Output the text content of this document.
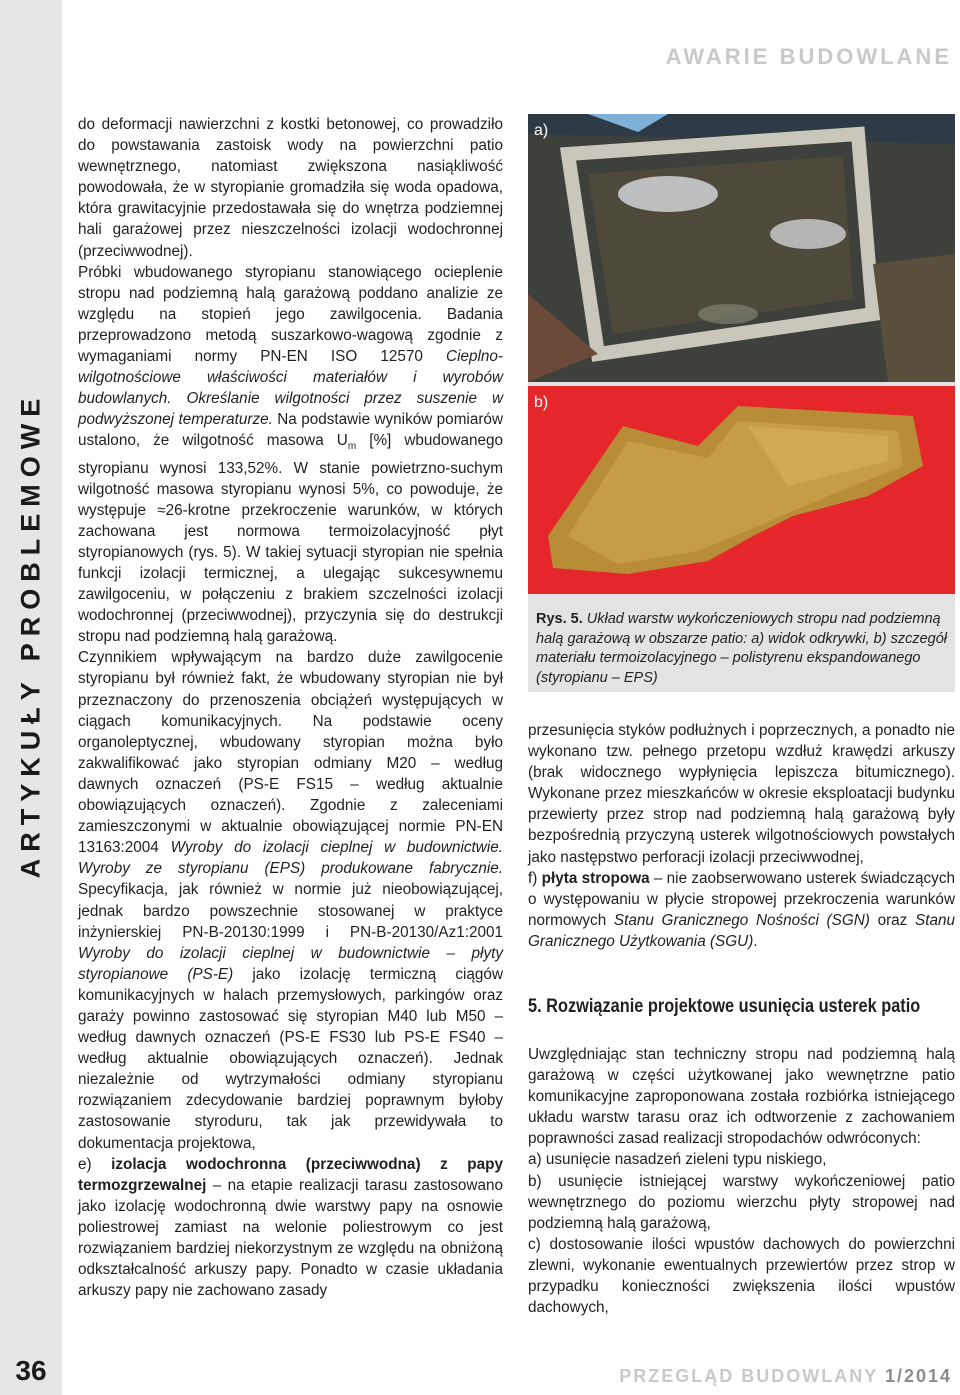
ARTYKUŁY PROBLEMOWE
36
AWARIE BUDOWLANE

do deformacji nawierzchni z kostki betonowej, co prowadziło do powstawania zastoisk wody na powierzchni patio wewnętrznego, natomiast zwiększona nasiąkliwość powodowała, że w styropianie gromadziła się woda opadowa, która grawitacyjnie przedostawała się do wnętrza podziemnej hali garażowej przez nieszczelności izolacji wodochronnej (przeciwwodnej).

Próbki wbudowanego styropianu stanowiącego ocieplenie stropu nad podziemną halą garażową poddano analizie ze względu na stopień jego zawilgocenia. Badania przeprowadzono metodą suszarkowo-wagową zgodnie z wymaganiami normy PN-EN ISO 12570 Cieplno-wilgotnościowe właściwości materiałów i wyrobów budowlanych. Określanie wilgotności przez suszenie w podwyższonej temperaturze. Na podstawie wyników pomiarów ustalono, że wilgotność masowa $U_m$ [%] wbudowanego styropianu wynosi 133,52%. W stanie powietrzno-suchym wilgotność masowa styropianu wynosi 5%, co powoduje, że występuje ≈26-krotne przekroczenie warunków, w których zachowana jest normowa termoizolacyjność płyt styropianowych (rys. 5). W takiej sytuacji styropian nie spełnia funkcji izolacji termicznej, a ulegając sukcesywnemu zawilgoceniu, w połączeniu z brakiem szczelności izolacji wodochronnej (przeciwwodnej), przyczynia się do destrukcji stropu nad podziemną halą garażową.

Czynnikiem wpływającym na bardzo duże zawilgocenie styropianu był również fakt, że wbudowany styropian nie był przeznaczony do przenoszenia obciążeń występujących w ciągach komunikacyjnych. Na podstawie oceny organoleptycznej, wbudowany styropian można było zakwalifikować jako styropian odmiany M20 – według dawnych oznaczeń (PS-E FS15 – według aktualnie obowiązujących oznaczeń). Zgodnie z zaleceniami zamieszczonymi w aktualnie obowiązującej normie PN-EN 13163:2004 Wyroby do izolacji cieplnej w budownictwie. Wyroby ze styropianu (EPS) produkowane fabrycznie. Specyfikacja, jak również w normie już nieobowiązującej, jednak bardzo powszechnie stosowanej w praktyce inżynierskiej PN-B-20130:1999 i PN-B-20130/Az1:2001 Wyroby do izolacji cieplnej w budownictwie – płyty styropianowe (PS-E) jako izolację termiczną ciągów komunikacyjnych w halach przemysłowych, parkingów oraz garaży powinno zastosować się styropian M40 lub M50 – według dawnych oznaczeń (PS-E FS30 lub PS-E FS40 – według aktualnie obowiązujących oznaczeń). Jednak niezależnie od wytrzymałości odmiany styropianu rozwiązaniem zdecydowanie bardziej poprawnym byłoby zastosowanie styroduru, tak jak przewidywała to dokumentacja projektowa,

e) izolacja wodochronna (przeciwwodna) z papy termozgrzewalnej – na etapie realizacji tarasu zastosowano jako izolację wodochronną dwie warstwy papy na osnowie poliestrowej zamiast na welonie poliestrowym co jest rozwiązaniem bardziej niekorzystnym ze względu na obniżoną odkształcalność arkuszy papy. Ponadto w czasie układania arkuszy papy nie zachowano zasady

a)
b)
Rys. 5. Układ warstw wykończeniowych stropu nad podziemną halą garażową w obszarze patio: a) widok odkrywki, b) szczegół materiału termoizolacyjnego – polistyrenu ekspandowanego (styropianu – EPS)

przesunięcia styków podłużnych i poprzecznych, a ponadto nie wykonano tzw. pełnego przetopu wzdłuż krawędzi arkuszy (brak widocznego wypłynięcia lepiszcza bitumicznego). Wykonane przez mieszkańców w okresie eksploatacji budynku przewierty przez strop nad podziemną halą garażową były bezpośrednią przyczyną usterek wilgotnościowych powstałych jako następstwo perforacji izolacji przeciwwodnej,

f) płyta stropowa – nie zaobserwowano usterek świadczących o występowaniu w płycie stropowej przekroczenia warunków normowych Stanu Granicznego Nośności (SGN) oraz Stanu Granicznego Użytkowania (SGU).

5. Rozwiązanie projektowe usunięcia usterek patio

Uwzględniając stan techniczny stropu nad podziemną halą garażową w części użytkowanej jako wewnętrzne patio komunikacyjne zaproponowana została rozbiórka istniejącego układu warstw tarasu oraz ich odtworzenie z zachowaniem poprawności zasad realizacji stropodachów odwróconych:

a) usunięcie nasadzeń zieleni typu niskiego,

b) usunięcie istniejącej warstwy wykończeniowej patio wewnętrznego do poziomu wierzchu płyty stropowej nad podziemną halą garażową,

c) dostosowanie ilości wpustów dachowych do powierzchni zlewni, wykonanie ewentualnych przewiertów przez strop w przypadku konieczności zwiększenia ilości wpustów dachowych,

PRZEGLĄD BUDOWLANY 1/2014
